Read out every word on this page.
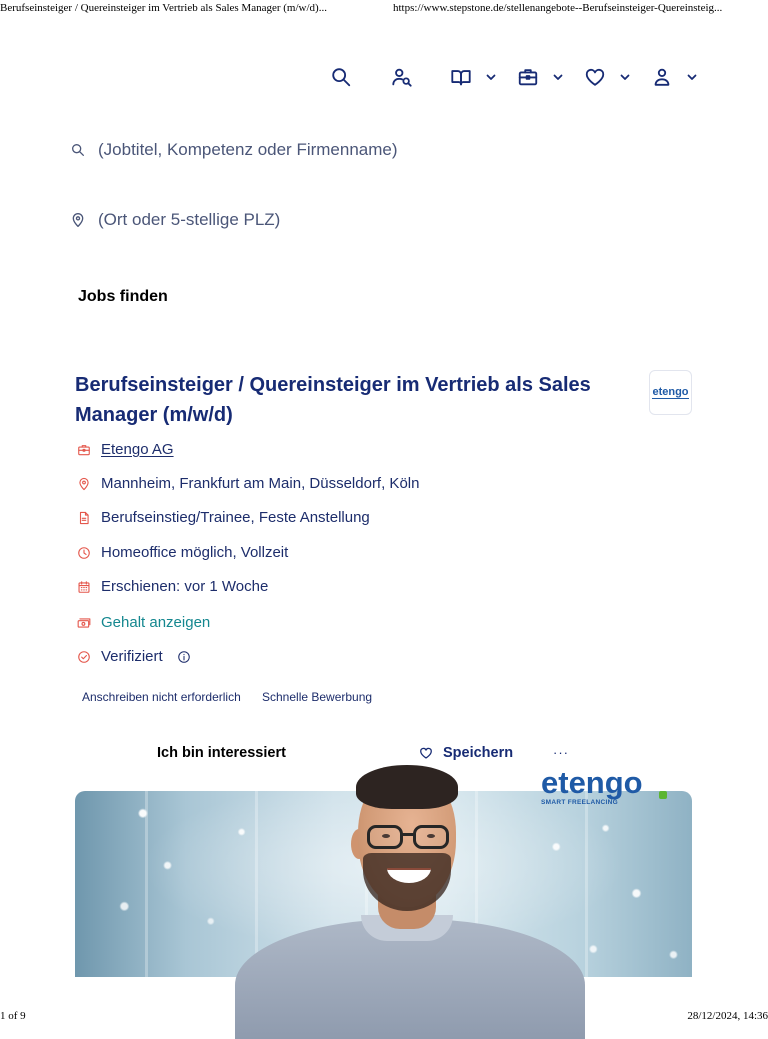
Berufseinsteiger / Quereinsteiger im Vertrieb als Sales Manager (m/w/d)...	https://www.stepstone.de/stellenangebote--Berufseinsteiger-Quereinsteig...
(Jobtitel, Kompetenz oder Firmenname)
(Ort oder 5-stellige PLZ)
Jobs finden
Berufseinsteiger / Quereinsteiger im Vertrieb als Sales Manager (m/w/d)
etengo
Etengo AG
Mannheim, Frankfurt am Main, Düsseldorf, Köln
Berufseinstieg/Trainee, Feste Anstellung
Homeoffice möglich, Vollzeit
Erschienen: vor 1 Woche
Gehalt anzeigen
Verifiziert
Anschreiben nicht erforderlich Schnelle Bewerbung
Ich bin interessiert	Speichern	···
etengo
SMART FREELANCING
1 of 9	28/12/2024, 14:36
